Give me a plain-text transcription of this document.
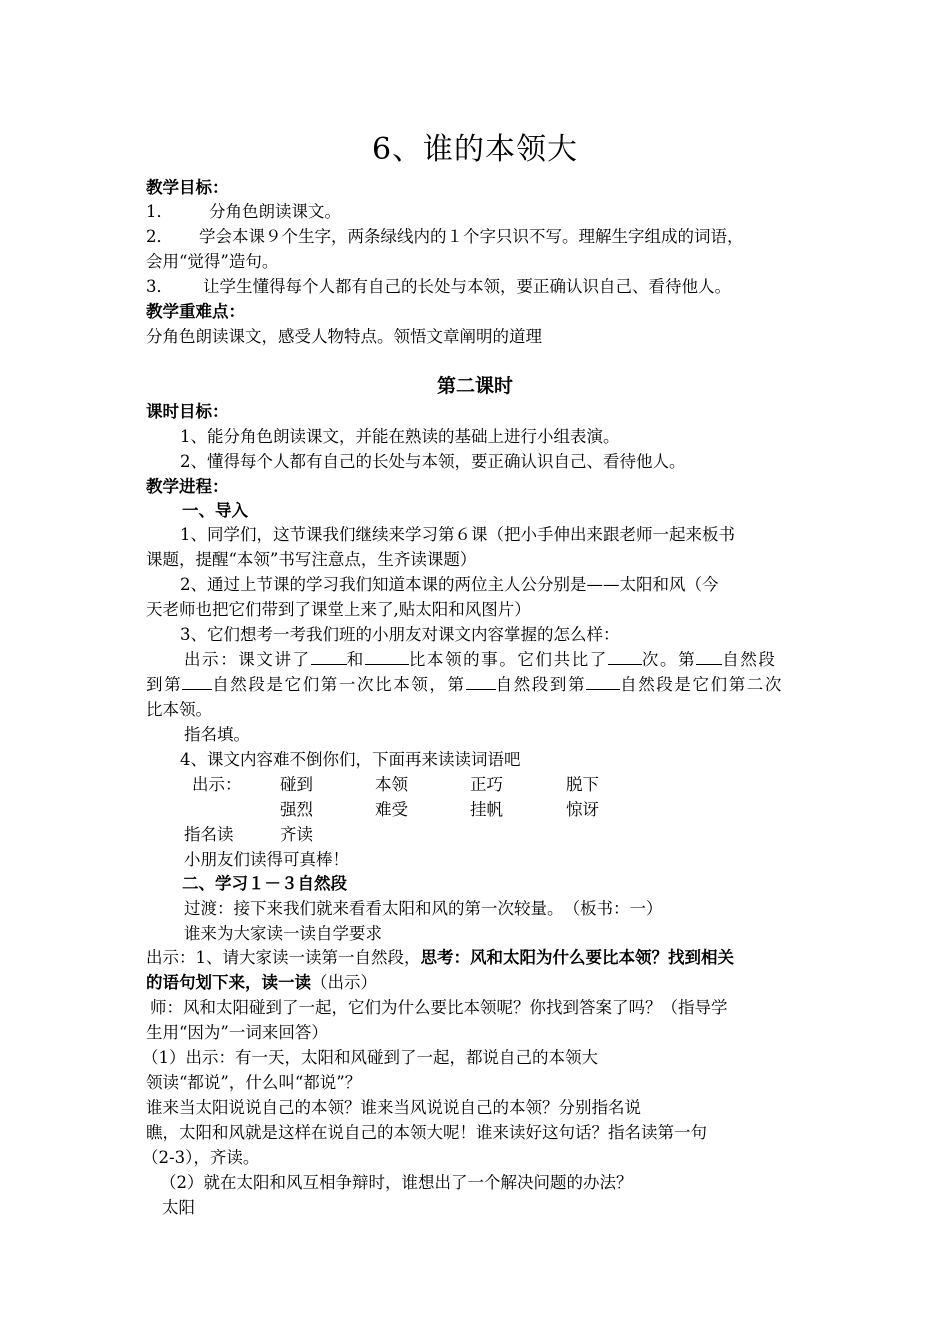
6、谁的本领大
教学目标：
1． 分角色朗读课文。
2． 学会本课９个生字，两条绿线内的１个字只识不写。理解生字组成的词语，
会用“觉得”造句。
3． 让学生懂得每个人都有自己的长处与本领，要正确认识自己、看待他人。
教学重难点：
分角色朗读课文，感受人物特点。领悟文章阐明的道理
第二课时
课时目标：
1、能分角色朗读课文，并能在熟读的基础上进行小组表演。
2、懂得每个人都有自己的长处与本领，要正确认识自己、看待他人。
教学进程：
一、导入
1、同学们，这节课我们继续来学习第６课（把小手伸出来跟老师一起来板书
课题，提醒“本领”书写注意点，生齐读课题）
2、通过上节课的学习我们知道本课的两位主人公分别是——太阳和风（今
天老师也把它们带到了课堂上来了,贴太阳和风图片）
3、它们想考一考我们班的小朋友对课文内容掌握的怎么样：
出示：课文讲了 和	比本领的事。它们共比了 次。第 自然段
到第 自然段是它们第一次比本领，第 自然段到第 自然段是它们第二次
比本领。
指名填。
4、课文内容难不倒你们，下面再来读读词语吧
出示： 碰到	本领	正巧	脱下
强烈	难受	挂帆	惊讶
指名读	齐读
小朋友们读得可真棒！
二、学习１－３自然段
过渡：接下来我们就来看看太阳和风的第一次较量。　（板书：一）
谁来为大家读一读自学要求
出示：1、请大家读一读第一自然段，思考：风和太阳为什么要比本领？找到相关
的语句划下来，读一读（出示）
师：风和太阳碰到了一起，它们为什么要比本领呢？你找到答案了吗？（指导学
生用“因为”一词来回答）
（1）出示：有一天，太阳和风碰到了一起，都说自己的本领大
领读“都说”，什么叫“都说”？
谁来当太阳说说自己的本领？谁来当风说说自己的本领？分别指名说
瞧，太阳和风就是这样在说自己的本领大呢！谁来读好这句话？指名读第一句
（2-3），齐读。
（2）就在太阳和风互相争辩时，谁想出了一个解决问题的办法？
太阳
